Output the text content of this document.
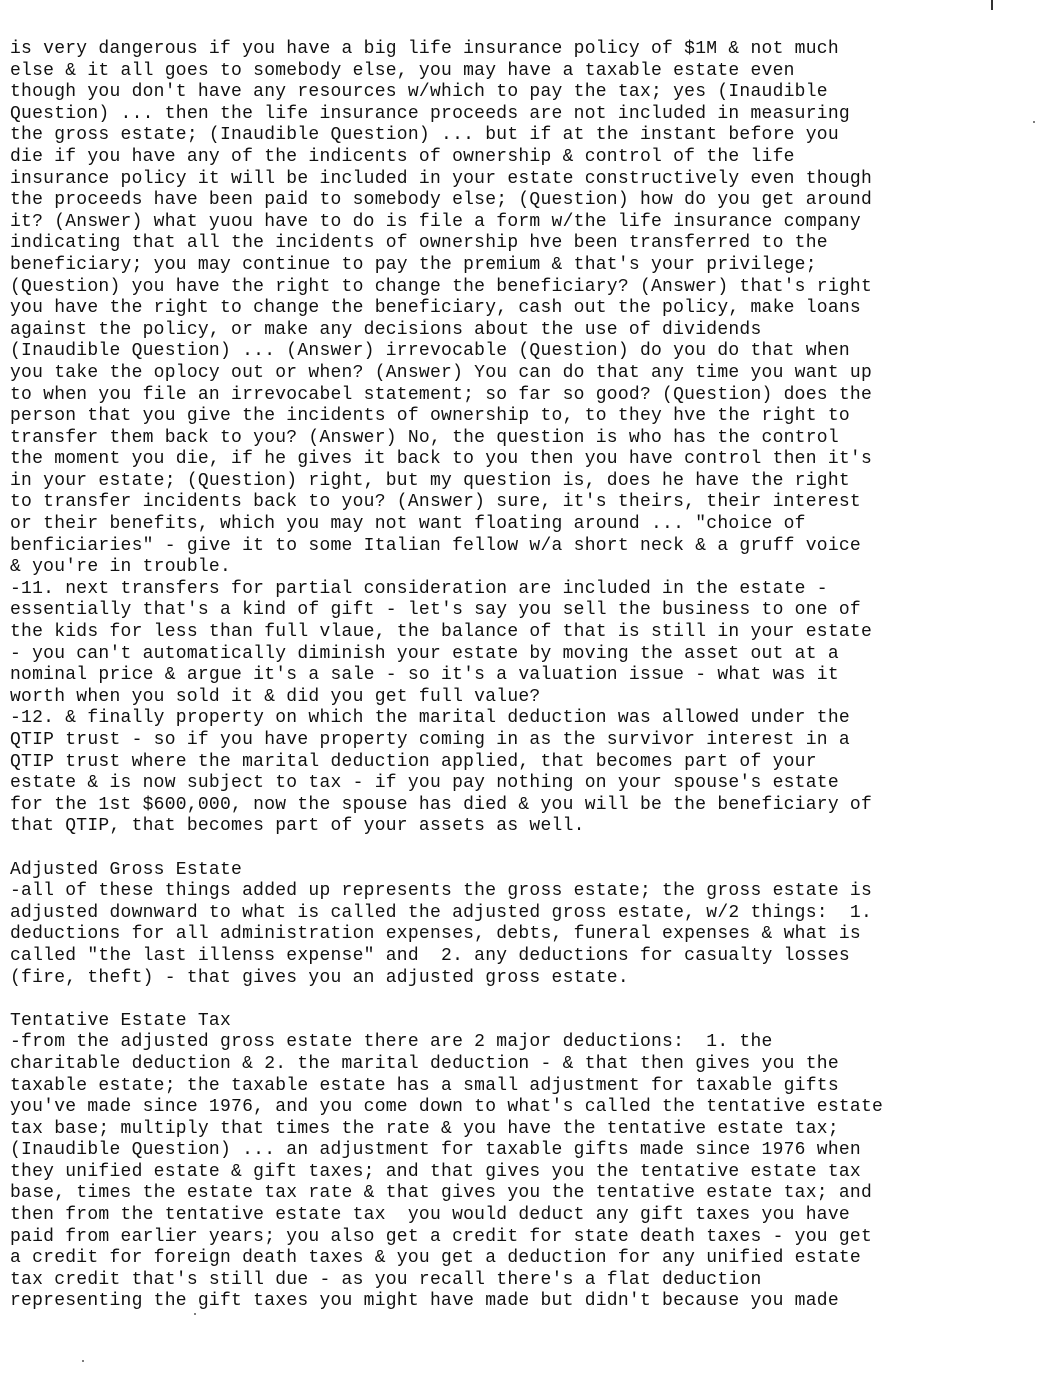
is very dangerous if you have a big life insurance policy of $1M & not much
else & it all goes to somebody else, you may have a taxable estate even
though you don't have any resources w/which to pay the tax; yes (Inaudible
Question) ... then the life insurance proceeds are not included in measuring
the gross estate; (Inaudible Question) ... but if at the instant before you
die if you have any of the indicents of ownership & control of the life
insurance policy it will be included in your estate constructively even though
the proceeds have been paid to somebody else; (Question) how do you get around
it? (Answer) what yuou have to do is file a form w/the life insurance company
indicating that all the incidents of ownership hve been transferred to the
beneficiary; you may continue to pay the premium & that's your privilege;
(Question) you have the right to change the beneficiary? (Answer) that's right
you have the right to change the beneficiary, cash out the policy, make loans
against the policy, or make any decisions about the use of dividends
(Inaudible Question) ... (Answer) irrevocable (Question) do you do that when
you take the oplocy out or when? (Answer) You can do that any time you want up
to when you file an irrevocabel statement; so far so good? (Question) does the
person that you give the incidents of ownership to, to they hve the right to
transfer them back to you? (Answer) No, the question is who has the control
the moment you die, if he gives it back to you then you have control then it's
in your estate; (Question) right, but my question is, does he have the right
to transfer incidents back to you? (Answer) sure, it's theirs, their interest
or their benefits, which you may not want floating around ... "choice of
benficiaries" - give it to some Italian fellow w/a short neck & a gruff voice
& you're in trouble.
-11. next transfers for partial consideration are included in the estate -
essentially that's a kind of gift - let's say you sell the business to one of
the kids for less than full vlaue, the balance of that is still in your estate
- you can't automatically diminish your estate by moving the asset out at a
nominal price & argue it's a sale - so it's a valuation issue - what was it
worth when you sold it & did you get full value?
-12. & finally property on which the marital deduction was allowed under the
QTIP trust - so if you have property coming in as the survivor interest in a
QTIP trust where the marital deduction applied, that becomes part of your
estate & is now subject to tax - if you pay nothing on your spouse's estate
for the 1st $600,000, now the spouse has died & you will be the beneficiary of
that QTIP, that becomes part of your assets as well.
Adjusted Gross Estate
-all of these things added up represents the gross estate; the gross estate is
adjusted downward to what is called the adjusted gross estate, w/2 things:  1.
deductions for all administration expenses, debts, funeral expenses & what is
called "the last illenss expense" and  2. any deductions for casualty losses
(fire, theft) - that gives you an adjusted gross estate.
Tentative Estate Tax
-from the adjusted gross estate there are 2 major deductions:  1. the
charitable deduction & 2. the marital deduction - & that then gives you the
taxable estate; the taxable estate has a small adjustment for taxable gifts
you've made since 1976, and you come down to what's called the tentative estate
tax base; multiply that times the rate & you have the tentative estate tax;
(Inaudible Question) ... an adjustment for taxable gifts made since 1976 when
they unified estate & gift taxes; and that gives you the tentative estate tax
base, times the estate tax rate & that gives you the tentative estate tax; and
then from the tentative estate tax  you would deduct any gift taxes you have
paid from earlier years; you also get a credit for state death taxes - you get
a credit for foreign death taxes & you get a deduction for any unified estate
tax credit that's still due - as you recall there's a flat deduction
representing the gift taxes you might have made but didn't because you made
